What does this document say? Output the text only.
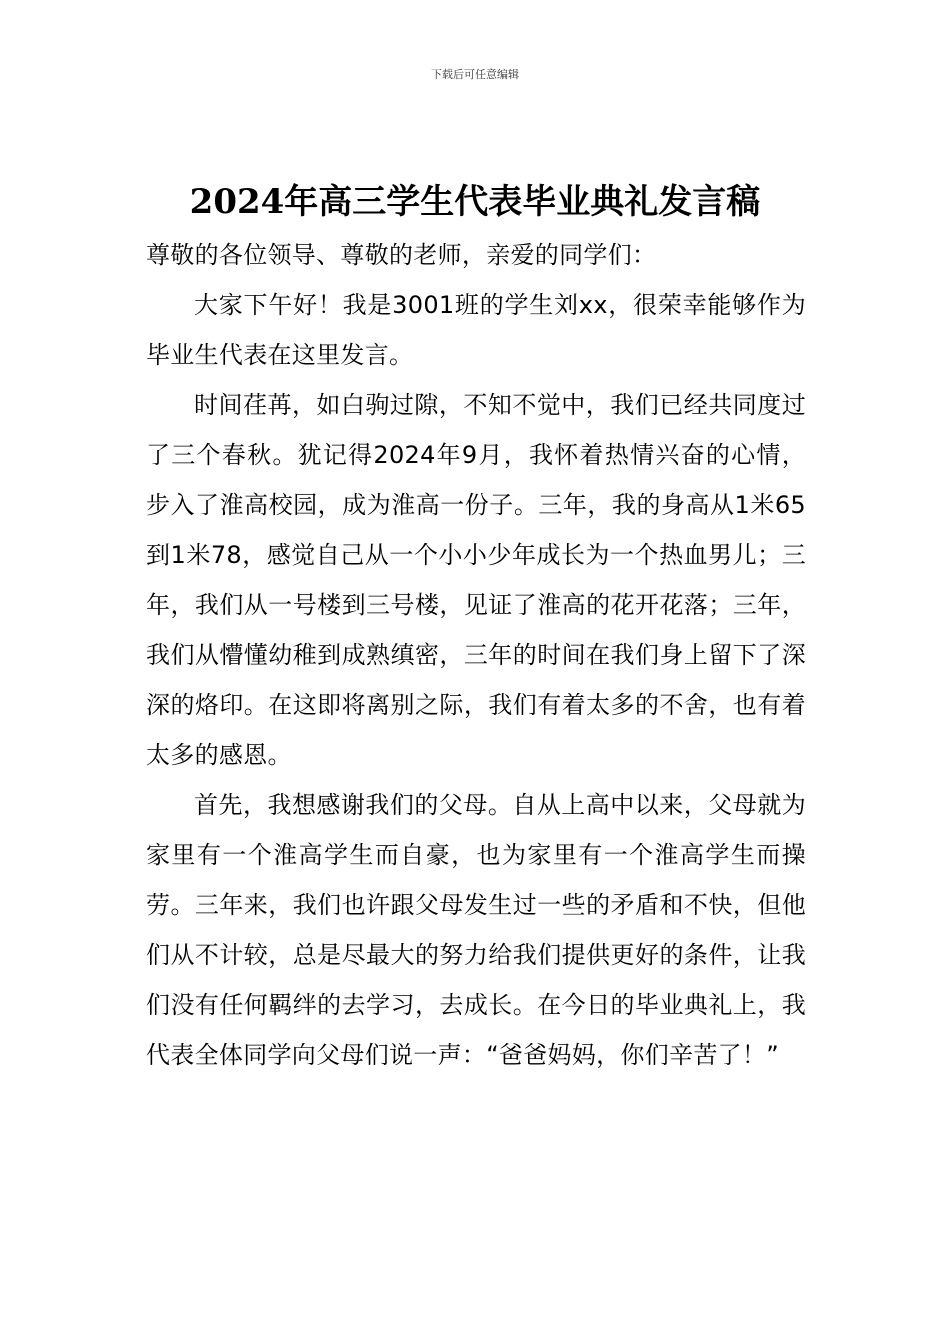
下载后可任意编辑
2024年高三学生代表毕业典礼发言稿

尊敬的各位领导、尊敬的老师，亲爱的同学们：

大家下午好！我是3001班的学生刘xx，很荣幸能够作为毕业生代表在这里发言。

时间荏苒，如白驹过隙，不知不觉中，我们已经共同度过了三个春秋。犹记得2024年9月，我怀着热情兴奋的心情，步入了淮高校园，成为淮高一份子。三年，我的身高从1米65到1米78，感觉自己从一个小小少年成长为一个热血男儿；三年，我们从一号楼到三号楼，见证了淮高的花开花落；三年，我们从懵懂幼稚到成熟缜密，三年的时间在我们身上留下了深深的烙印。在这即将离别之际，我们有着太多的不舍，也有着太多的感恩。

首先，我想感谢我们的父母。自从上高中以来，父母就为家里有一个淮高学生而自豪，也为家里有一个淮高学生而操劳。三年来，我们也许跟父母发生过一些的矛盾和不快，但他们从不计较，总是尽最大的努力给我们提供更好的条件，让我们没有任何羁绊的去学习，去成长。在今日的毕业典礼上，我代表全体同学向父母们说一声：“爸爸妈妈，你们辛苦了！”
